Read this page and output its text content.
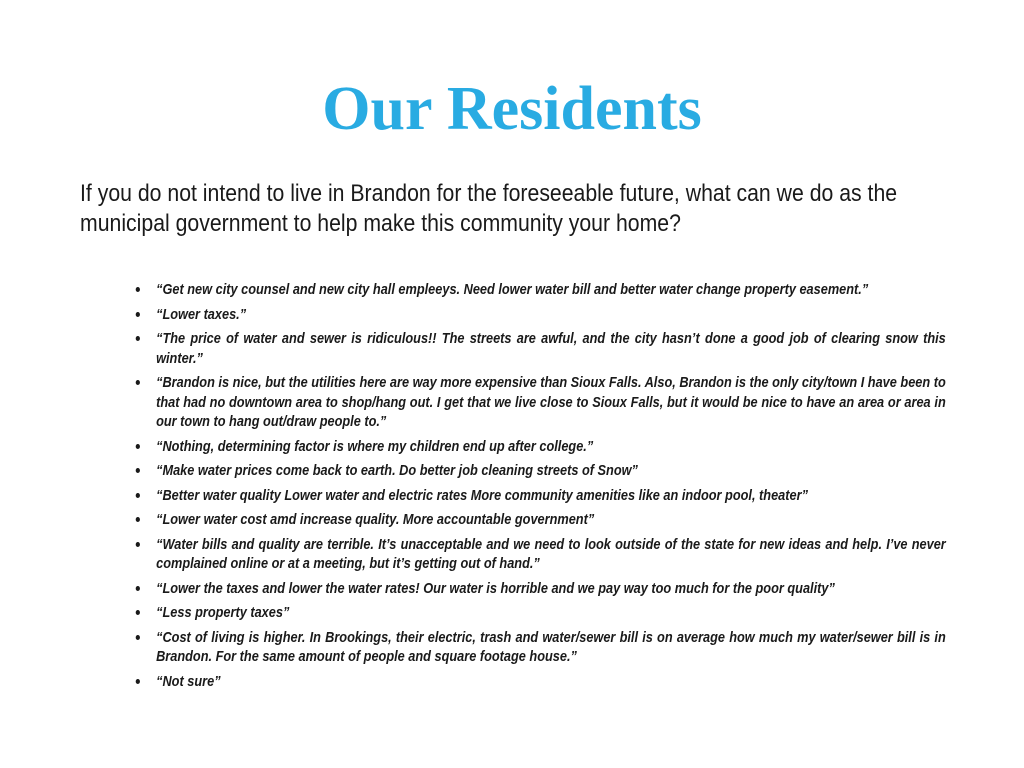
Our Residents

If you do not intend to live in Brandon for the foreseeable future, what can we do as the municipal government to help make this community your home?

“Get new city counsel and new city hall empleeys. Need lower water bill and better water change property easement.”
“Lower taxes.”
“The price of water and sewer is ridiculous!! The streets are awful, and the city hasn’t done a good job of clearing snow this winter.”
“Brandon is nice, but the utilities here are way more expensive than Sioux Falls. Also, Brandon is the only city/town I have been to that had no downtown area to shop/hang out. I get that we live close to Sioux Falls, but it would be nice to have an area or area in our town to hang out/draw people to.”
“Nothing, determining factor is where my children end up after college.”
“Make water prices come back to earth. Do better job cleaning streets of Snow”
“Better water quality Lower water and electric rates More community amenities like an indoor pool, theater”
“Lower water cost amd increase quality. More accountable government”
“Water bills and quality are terrible. It’s unacceptable and we need to look outside of the state for new ideas and help. I’ve never complained online or at a meeting, but it’s getting out of hand.”
“Lower the taxes and lower the water rates! Our water is horrible and we pay way too much for the poor quality”
“Less property taxes”
“Cost of living is higher. In Brookings, their electric, trash and water/sewer bill is on average how much my water/sewer bill is in Brandon. For the same amount of people and square footage house.”
“Not sure”
